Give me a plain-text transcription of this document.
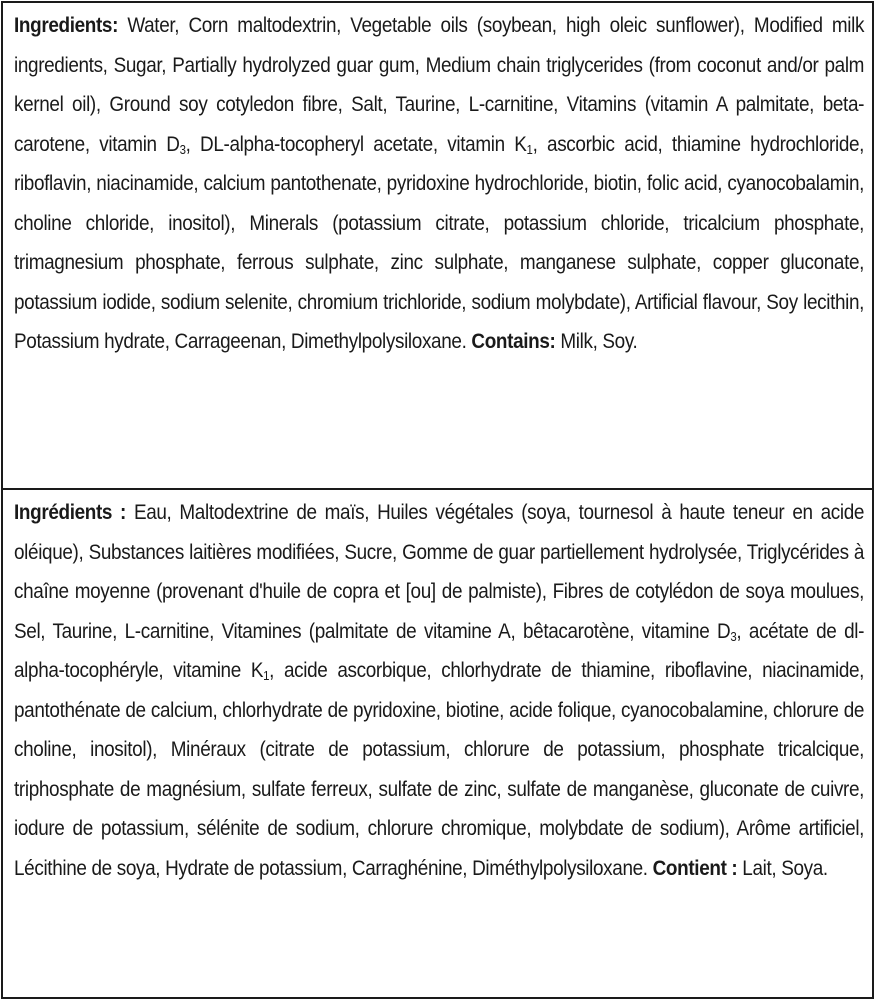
Ingredients: Water, Corn maltodextrin, Vegetable oils (soybean, high oleic sunflower), Modified milk ingredients, Sugar, Partially hydrolyzed guar gum, Medium chain triglycerides (from coconut and/or palm kernel oil), Ground soy cotyledon fibre, Salt, Taurine, L-carnitine, Vitamins (vitamin A palmitate, beta-carotene, vitamin $D_3$, DL-alpha-tocopheryl acetate, vitamin $K_1$, ascorbic acid, thiamine hydrochloride, riboflavin, niacinamide, calcium pantothenate, pyridoxine hydrochloride, biotin, folic acid, cyanocobalamin, choline chloride, inositol), Minerals (potassium citrate, potassium chloride, tricalcium phosphate, trimagnesium phosphate, ferrous sulphate, zinc sulphate, manganese sulphate, copper gluconate, potassium iodide, sodium selenite, chromium trichloride, sodium molybdate), Artificial flavour, Soy lecithin, Potassium hydrate, Carrageenan, Dimethylpolysiloxane. Contains: Milk, Soy.

Ingrédients : Eau, Maltodextrine de maïs, Huiles végétales (soya, tournesol à haute teneur en acide oléique), Substances laitières modifiées, Sucre, Gomme de guar partiellement hydrolysée, Triglycérides à chaîne moyenne (provenant d'huile de copra et [ou] de palmiste), Fibres de cotylédon de soya moulues, Sel, Taurine, L-carnitine, Vitamines (palmitate de vitamine A, bêtacarotène, vitamine $D_3$, acétate de dl-alpha-tocophéryle, vitamine $K_1$, acide ascorbique, chlorhydrate de thiamine, riboflavine, niacinamide, pantothénate de calcium, chlorhydrate de pyridoxine, biotine, acide folique, cyanocobalamine, chlorure de choline, inositol), Minéraux (citrate de potassium, chlorure de potassium, phosphate tricalcique, triphosphate de magnésium, sulfate ferreux, sulfate de zinc, sulfate de manganèse, gluconate de cuivre, iodure de potassium, sélénite de sodium, chlorure chromique, molybdate de sodium), Arôme artificiel, Lécithine de soya, Hydrate de potassium, Carraghénine, Diméthylpolysiloxane. Contient : Lait, Soya.
